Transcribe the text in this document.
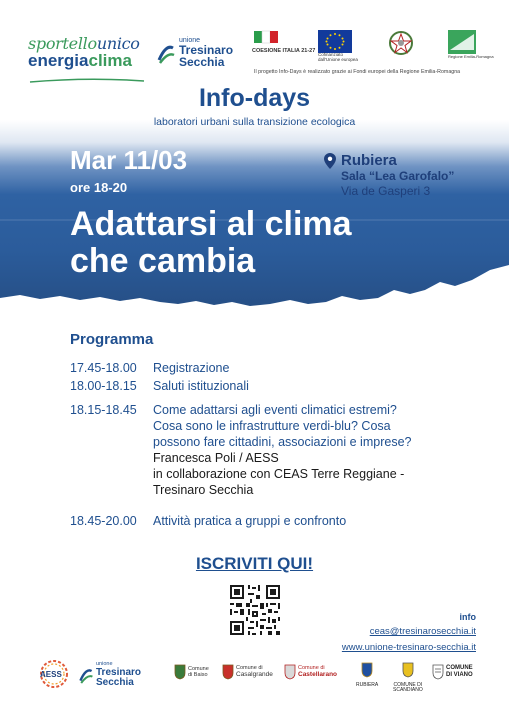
sportellounico
energiaclima
unione
Tresinaro
Secchia
COESIONE ITALIA 21-27
Cofinanziato
dall'Unione europea
Regione Emilia-Romagna
Il progetto Info-Days è realizzato grazie ai Fondi europei della Regione Emilia-Romagna
Info-days
laboratori urbani sulla transizione ecologica
Mar 11/03
ore 18-20
Rubiera
Sala “Lea Garofalo”
Via de Gasperi 3
Adattarsi al clima
che cambia
Programma
17.45-18.00	Registrazione
18.00-18.15	Saluti istituzionali
18.15-18.45	Come adattarsi agli eventi climatici estremi?
Cosa sono le infrastrutture verdi-blu? Cosa
possono fare cittadini, associazioni e imprese?
Francesca Poli / AESS
in collaborazione con CEAS Terre Reggiane -
Tresinaro Secchia
18.45-20.00	Attività pratica a gruppi e confronto
ISCRIVITI QUI!
info
ceas@tresinarosecchia.it
www.unione-tresinaro-secchia.it
AESS
unione
Tresinaro
Secchia
Comune
di Baiso
Comune di
Casalgrande
Comune di
Castellarano
RUBIERA	COMUNE DI
SCANDIANO
COMUNE
DI VIANO
